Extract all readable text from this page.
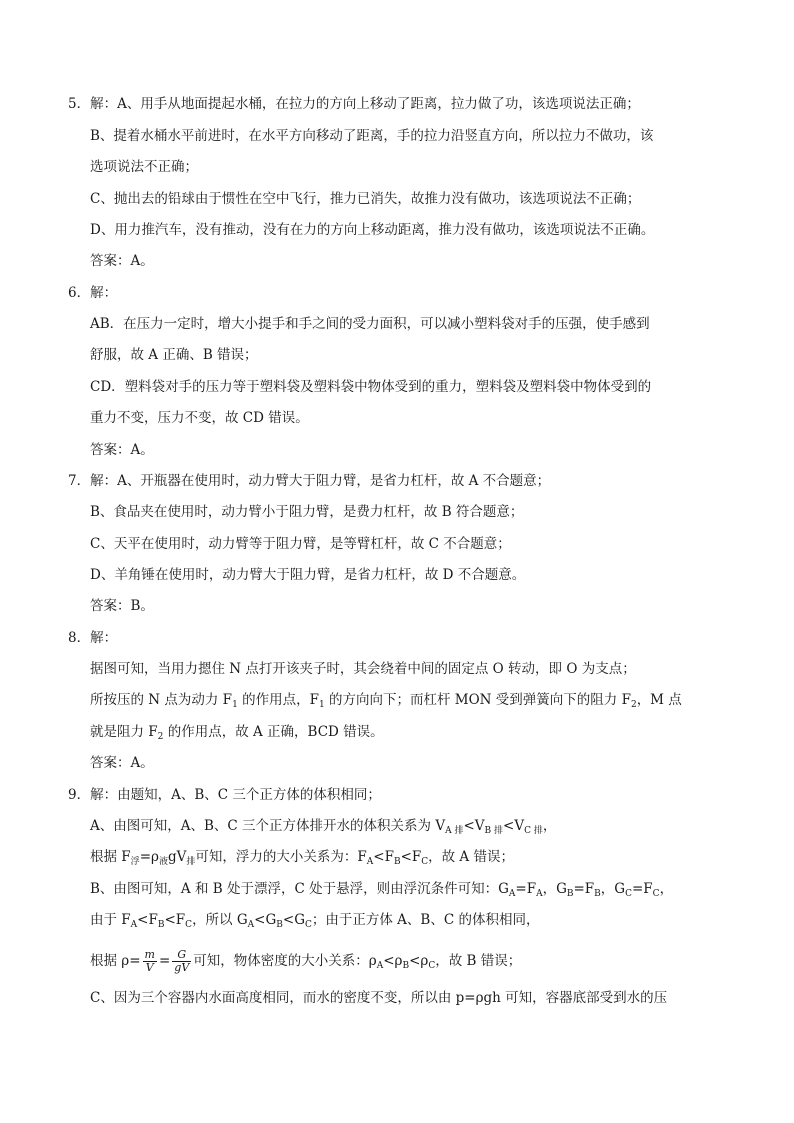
5．解：A、用手从地面提起水桶，在拉力的方向上移动了距离，拉力做了功，该选项说法正确；
B、提着水桶水平前进时，在水平方向移动了距离，手的拉力沿竖直方向，所以拉力不做功，该
选项说法不正确；
C、抛出去的铅球由于惯性在空中飞行，推力已消失，故推力没有做功，该选项说法不正确；
D、用力推汽车，没有推动，没有在力的方向上移动距离，推力没有做功，该选项说法不正确。
答案：A。
6．解：
AB．在压力一定时，增大小提手和手之间的受力面积，可以减小塑料袋对手的压强，使手感到
舒服，故 A 正确、B 错误；
CD．塑料袋对手的压力等于塑料袋及塑料袋中物体受到的重力，塑料袋及塑料袋中物体受到的
重力不变，压力不变，故 CD 错误。
答案：A。
7．解：A、开瓶器在使用时，动力臂大于阻力臂，是省力杠杆，故 A 不合题意；
B、食品夹在使用时，动力臂小于阻力臂，是费力杠杆，故 B 符合题意；
C、天平在使用时，动力臂等于阻力臂，是等臂杠杆，故 C 不合题意；
D、羊角锤在使用时，动力臂大于阻力臂，是省力杠杆，故 D 不合题意。
答案：B。
8．解：
据图可知，当用力摁住 N 点打开该夹子时，其会绕着中间的固定点 O 转动，即 O 为支点；
所按压的 N 点为动力 $F_1$ 的作用点，$F_1$ 的方向向下；而杠杆 MON 受到弹簧向下的阻力 $F_2$，M 点
就是阻力 $F_2$ 的作用点，故 A 正确，BCD 错误。
答案：A。
9．解：由题知，A、B、C 三个正方体的体积相同；
A、由图可知，A、B、C 三个正方体排开水的体积关系为 $V_{A 排}<V_{B 排}<V_{C 排}$，
根据 $F_浮=\rho_液gV_排$可知，浮力的大小关系为：$F_A<F_B<F_C$，故 A 错误；
B、由图可知，A 和 B 处于漂浮，C 处于悬浮，则由浮沉条件可知：$G_A=F_A$，$G_B=F_B$，$G_C=F_C$，
由于 $F_A<F_B<F_C$，所以 $G_A<G_B<G_C$；由于正方体 A、B、C 的体积相同，
根据 $\rho= \frac{m}{V} = \frac{G}{gV}$ 可知，物体密度的大小关系：$\rho_A<\rho_B<\rho_C$，故 B 错误；
C、因为三个容器内水面高度相同，而水的密度不变，所以由 p=ρgh 可知，容器底部受到水的压
